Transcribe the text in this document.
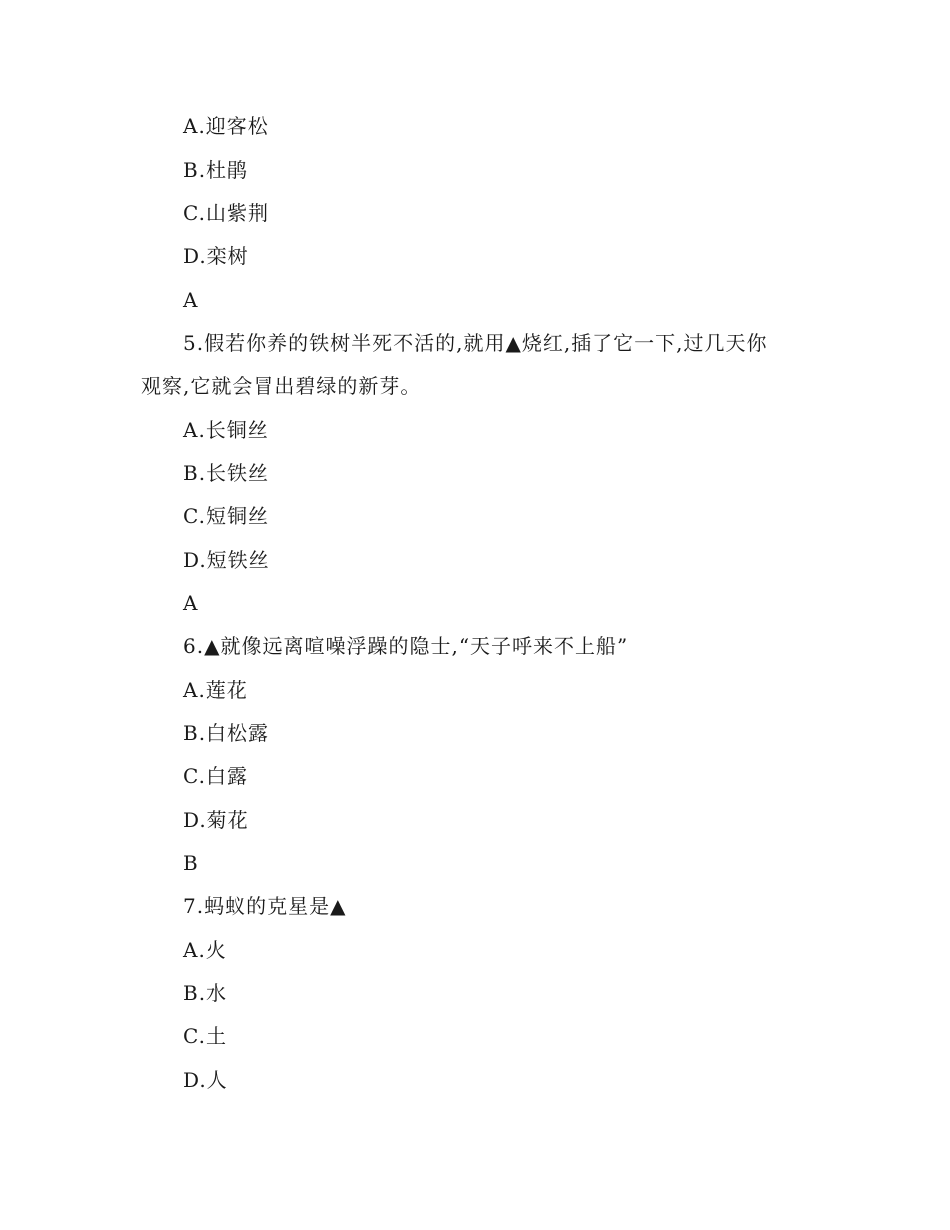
A.迎客松
B.杜鹃
C.山紫荆
D.栾树
A
5.假若你养的铁树半死不活的,就用▲烧红,插了它一下,过几天你
观察,它就会冒出碧绿的新芽。
A.长铜丝
B.长铁丝
C.短铜丝
D.短铁丝
A
6.▲就像远离喧噪浮躁的隐士,“天子呼来不上船”
A.莲花
B.白松露
C.白露
D.菊花
B
7.蚂蚁的克星是▲
A.火
B.水
C.土
D.人
